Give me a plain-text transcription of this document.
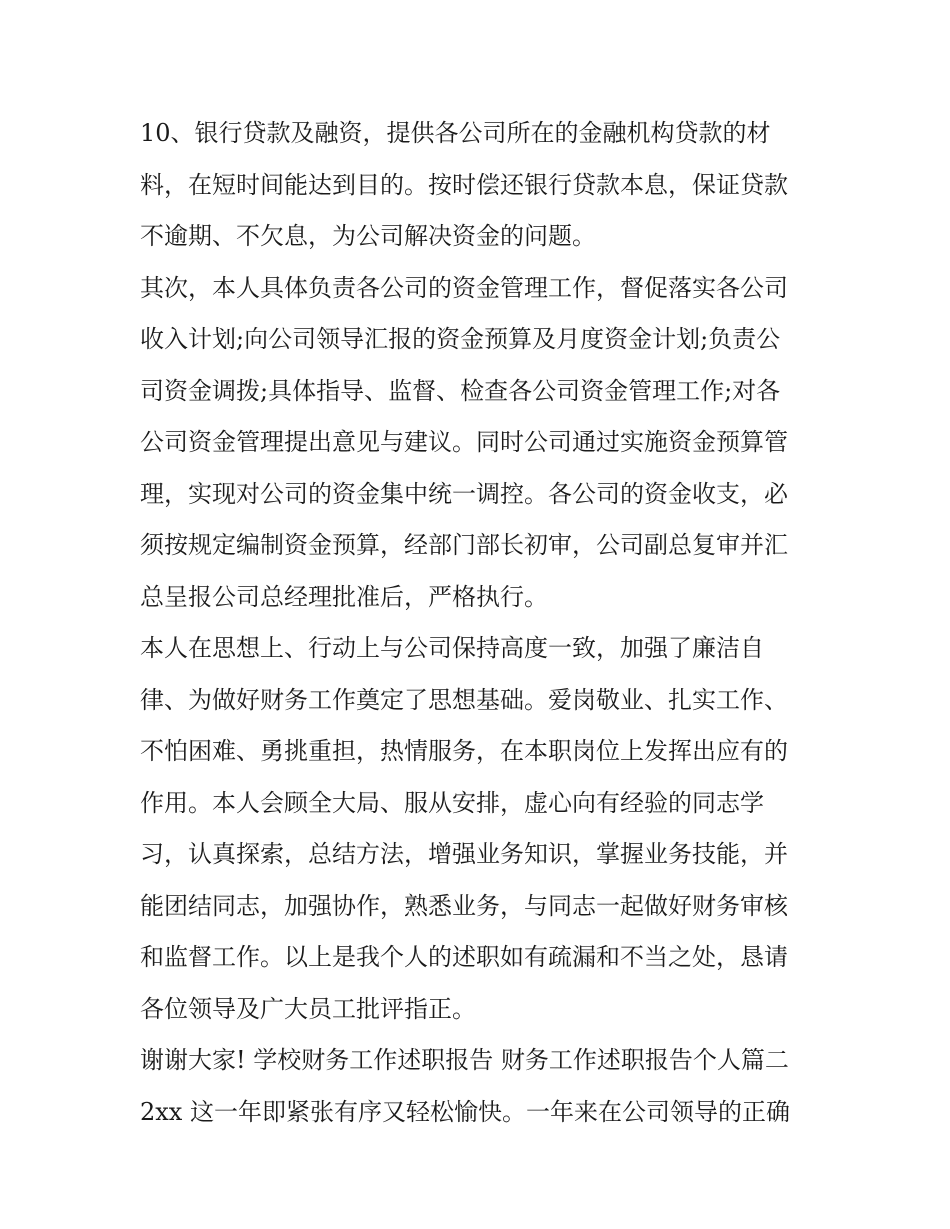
10、银行贷款及融资，提供各公司所在的金融机构贷款的材
料，在短时间能达到目的。按时偿还银行贷款本息，保证贷款
不逾期、不欠息，为公司解决资金的问题。
其次，本人具体负责各公司的资金管理工作，督促落实各公司
收入计划;向公司领导汇报的资金预算及月度资金计划;负责公
司资金调拨;具体指导、监督、检查各公司资金管理工作;对各
公司资金管理提出意见与建议。同时公司通过实施资金预算管
理，实现对公司的资金集中统一调控。各公司的资金收支，必
须按规定编制资金预算，经部门部长初审，公司副总复审并汇
总呈报公司总经理批准后，严格执行。
本人在思想上、行动上与公司保持高度一致，加强了廉洁自
律、为做好财务工作奠定了思想基础。爱岗敬业、扎实工作、
不怕困难、勇挑重担，热情服务，在本职岗位上发挥出应有的
作用。本人会顾全大局、服从安排，虚心向有经验的同志学
习，认真探索，总结方法，增强业务知识，掌握业务技能，并
能团结同志，加强协作，熟悉业务，与同志一起做好财务审核
和监督工作。以上是我个人的述职如有疏漏和不当之处，恳请
各位领导及广大员工批评指正。
谢谢大家! 学校财务工作述职报告 财务工作述职报告个人篇二
2xx 这一年即紧张有序又轻松愉快。一年来在公司领导的正确
